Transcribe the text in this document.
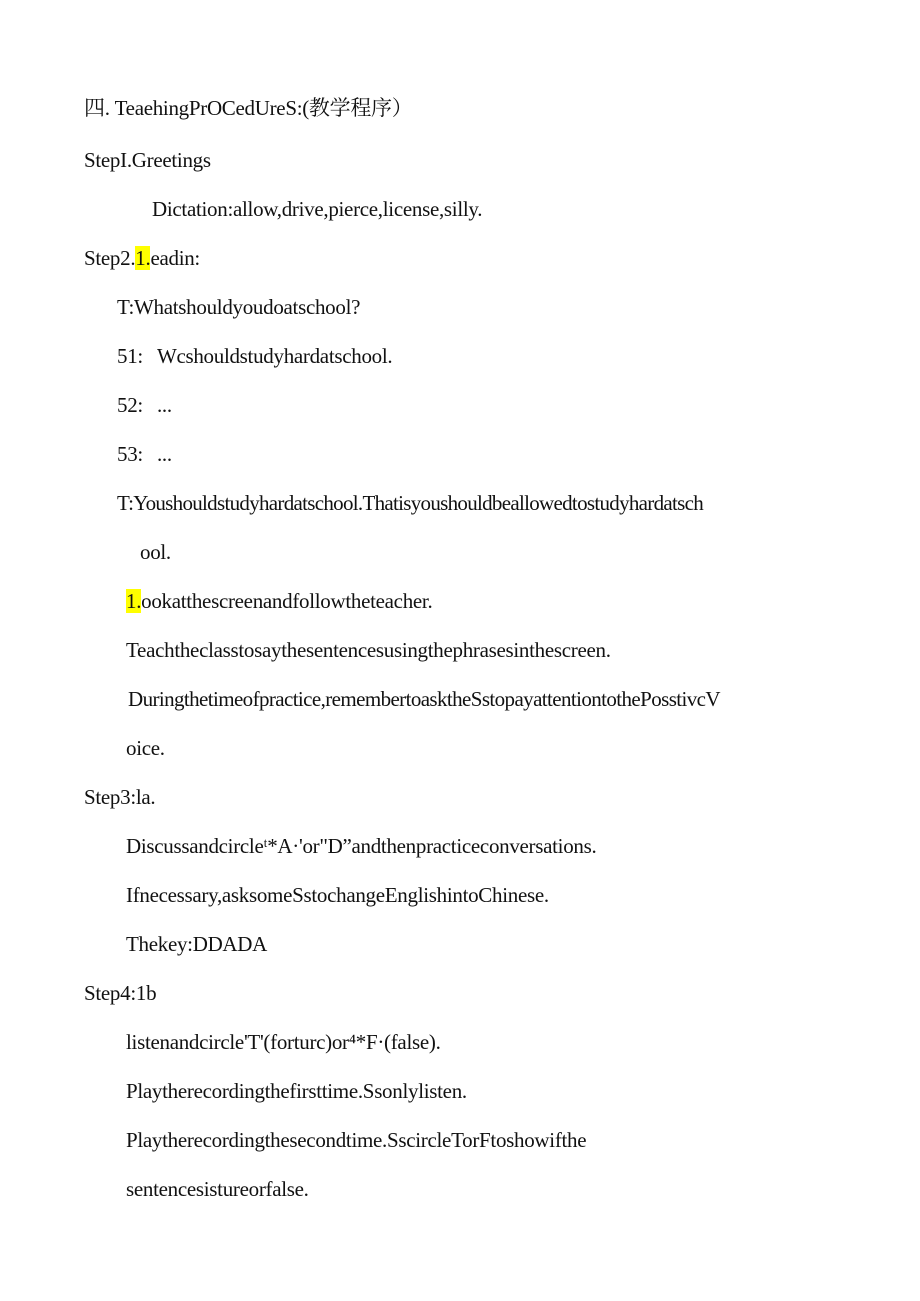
四. TeaehingPrOCedUreS:(教学程序）
StepI.Greetings
Dictation:allow,drive,pierce,license,silly.
Step2.1.eadin:
T:Whatshouldyoudoatschool?
51: Wcshouldstudyhardatschool.
52: ...
53: ...
T:Youshouldstudyhardatschool.Thatisyoushouldbeallowedtostudyhardatsch
ool.
1.ookatthescreenandfollowtheteacher.
Teachtheclasstosaythesentencesusingthephrasesinthescreen.
Duringthetimeofpractice,remembertoasktheSstopayattentiontothePosstivcV
oice.
Step3:la.
Discussandcircleᵗ*A·'or"D”andthenpracticeconversations.
Ifnecessary,asksomeSstochangeEnglishintoChinese.
Thekey:DDADA
Step4:1b
listenandcircle'T'(forturc)or⁴*F·(false).
Playtherecordingthefirsttime.Ssonlylisten.
Playtherecordingthesecondtime.SscircleTorFtoshowifthe
sentencesistureorfalse.
